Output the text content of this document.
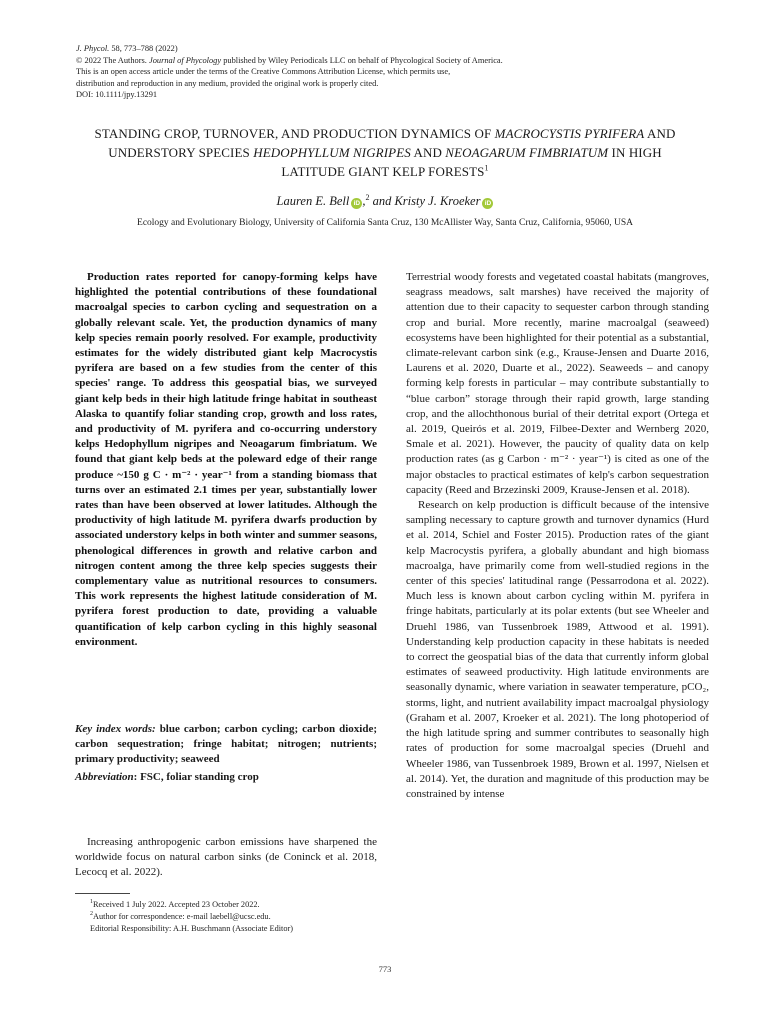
J. Phycol. 58, 773–788 (2022)
© 2022 The Authors. Journal of Phycology published by Wiley Periodicals LLC on behalf of Phycological Society of America.
This is an open access article under the terms of the Creative Commons Attribution License, which permits use,
distribution and reproduction in any medium, provided the original work is properly cited.
DOI: 10.1111/jpy.13291
STANDING CROP, TURNOVER, AND PRODUCTION DYNAMICS OF MACROCYSTIS PYRIFERA AND UNDERSTORY SPECIES HEDOPHYLLUM NIGRIPES AND NEOAGARUM FIMBRIATUM IN HIGH LATITUDE GIANT KELP FORESTS$^1$
Lauren E. Bell iD ,$^2$ and Kristy J. Kroeker iD
Ecology and Evolutionary Biology, University of California Santa Cruz, 130 McAllister Way, Santa Cruz, California, 95060, USA
Production rates reported for canopy-forming kelps have highlighted the potential contributions of these foundational macroalgal species to carbon cycling and sequestration on a globally relevant scale. Yet, the production dynamics of many kelp species remain poorly resolved. For example, productivity estimates for the widely distributed giant kelp Macrocystis pyrifera are based on a few studies from the center of this species' range. To address this geospatial bias, we surveyed giant kelp beds in their high latitude fringe habitat in southeast Alaska to quantify foliar standing crop, growth and loss rates, and productivity of M. pyrifera and co-occurring understory kelps Hedophyllum nigripes and Neoagarum fimbriatum. We found that giant kelp beds at the poleward edge of their range produce ~150 g C · m⁻² · year⁻¹ from a standing biomass that turns over an estimated 2.1 times per year, substantially lower rates than have been observed at lower latitudes. Although the productivity of high latitude M. pyrifera dwarfs production by associated understory kelps in both winter and summer seasons, phenological differences in growth and relative carbon and nitrogen content among the three kelp species suggests their complementary value as nutritional resources to consumers. This work represents the highest latitude consideration of M. pyrifera forest production to date, providing a valuable quantification of kelp carbon cycling in this highly seasonal environment.
Key index words: blue carbon; carbon cycling; carbon dioxide; carbon sequestration; fringe habitat; nitrogen; nutrients; primary productivity; seaweed
Abbreviation: FSC, foliar standing crop
Increasing anthropogenic carbon emissions have sharpened the worldwide focus on natural carbon sinks (de Coninck et al. 2018, Lecocq et al. 2022).
$^1$Received 1 July 2022. Accepted 23 October 2022.
$^2$Author for correspondence: e-mail laebell@ucsc.edu.
Editorial Responsibility: A.H. Buschmann (Associate Editor)

Terrestrial woody forests and vegetated coastal habitats (mangroves, seagrass meadows, salt marshes) have received the majority of attention due to their capacity to sequester carbon through standing crop and burial. More recently, marine macroalgal (seaweed) ecosystems have been highlighted for their potential as a substantial, climate-relevant carbon sink (e.g., Krause-Jensen and Duarte 2016, Laurens et al. 2020, Duarte et al., 2022). Seaweeds – and canopy forming kelp forests in particular – may contribute substantially to “blue carbon” storage through their rapid growth, large standing crop, and the allochthonous burial of their detrital export (Ortega et al. 2019, Queirós et al. 2019, Filbee-Dexter and Wernberg 2020, Smale et al. 2021). However, the paucity of quality data on kelp production rates (as g Carbon · m⁻² · year⁻¹) is cited as one of the major obstacles to practical estimates of kelp's carbon sequestration capacity (Reed and Brzezinski 2009, Krause-Jensen et al. 2018).

Research on kelp production is difficult because of the intensive sampling necessary to capture growth and turnover dynamics (Hurd et al. 2014, Schiel and Foster 2015). Production rates of the giant kelp Macrocystis pyrifera, a globally abundant and high biomass macroalga, have primarily come from well-studied regions in the center of this species' latitudinal range (Pessarrodona et al. 2022). Much less is known about carbon cycling within M. pyrifera in fringe habitats, particularly at its polar extents (but see Wheeler and Druehl 1986, van Tussenbroek 1989, Attwood et al. 1991). Understanding kelp production capacity in these habitats is needed to correct the geospatial bias of the data that currently inform global estimates of seaweed productivity. High latitude environments are seasonally dynamic, where variation in seawater temperature, pCO₂, storms, light, and nutrient availability impact macroalgal physiology (Graham et al. 2007, Kroeker et al. 2021). The long photoperiod of the high latitude spring and summer contributes to seasonally high rates of production for some macroalgal species (Druehl and Wheeler 1986, van Tussenbroek 1989, Brown et al. 1997, Nielsen et al. 2014). Yet, the duration and magnitude of this production may be constrained by intense

773
